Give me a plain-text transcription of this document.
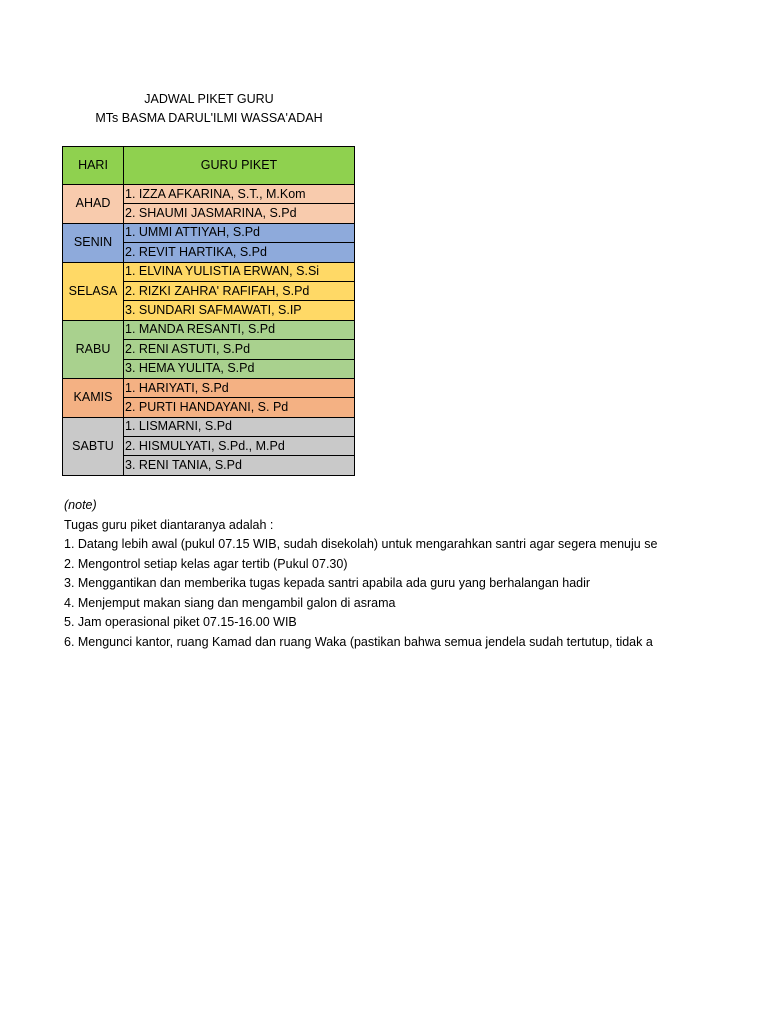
JADWAL PIKET GURU
MTs BASMA DARUL'ILMI WASSA'ADAH
HARI	GURU PIKET
AHAD	1. IZZA AFKARINA, S.T., M.Kom
	2. SHAUMI JASMARINA, S.Pd
SENIN	1. UMMI ATTIYAH, S.Pd
	2. REVIT HARTIKA, S.Pd
SELASA	1. ELVINA YULISTIA ERWAN, S.Si
	2. RIZKI ZAHRA' RAFIFAH, S.Pd
	3. SUNDARI SAFMAWATI, S.IP
RABU	1. MANDA RESANTI, S.Pd
	2. RENI ASTUTI, S.Pd
	3. HEMA YULITA, S.Pd
KAMIS	1. HARIYATI, S.Pd
	2. PURTI HANDAYANI, S. Pd
SABTU	1. LISMARNI, S.Pd
	2. HISMULYATI, S.Pd., M.Pd
	3. RENI TANIA, S.Pd
(note)
Tugas guru piket diantaranya adalah :
1. Datang lebih awal (pukul 07.15 WIB, sudah disekolah) untuk mengarahkan santri agar segera menuju se
2. Mengontrol setiap kelas agar tertib (Pukul 07.30)
3. Menggantikan dan memberika tugas kepada santri apabila ada guru yang berhalangan hadir
4. Menjemput makan siang dan mengambil galon di asrama
5. Jam operasional piket 07.15-16.00 WIB
6. Mengunci kantor, ruang Kamad dan ruang Waka (pastikan bahwa semua jendela sudah tertutup, tidak a
